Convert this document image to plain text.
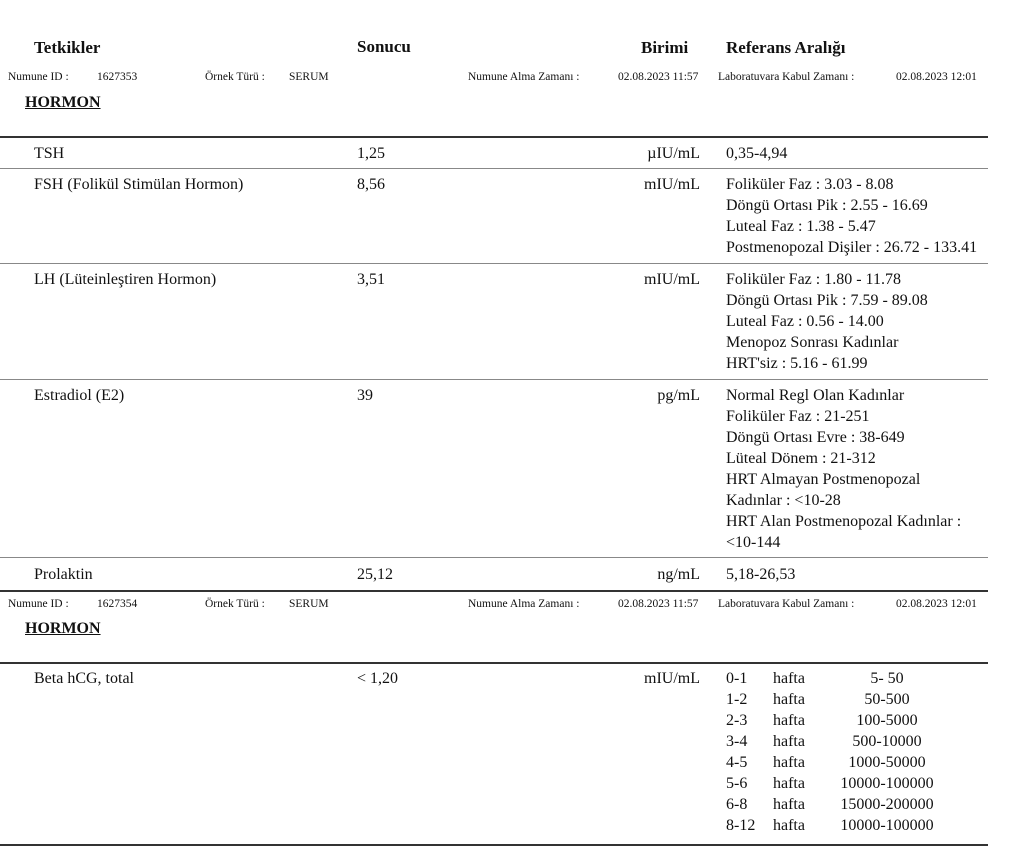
Tetkikler	Sonucu	Birimi Referans Aralığı
Numune ID : 1627353	Örnek Türü : SERUM	Numune Alma Zamanı :	02.08.2023 11:57 Laboratuvara Kabul Zamanı :	02.08.2023 12:01
HORMON
TSH	1,25	µIU/mL 0,35-4,94
FSH (Folikül Stimülan Hormon)	8,56	mIU/mL Foliküler Faz : 3.03 - 8.08
Döngü Ortası Pik : 2.55 - 16.69
Luteal Faz : 1.38 - 5.47
Postmenopozal Dişiler : 26.72 - 133.41
LH (Lüteinleştiren Hormon)	3,51	mIU/mL Foliküler Faz : 1.80 - 11.78
Döngü Ortası Pik : 7.59 - 89.08
Luteal Faz : 0.56 - 14.00
Menopoz Sonrası Kadınlar
HRT'siz : 5.16 - 61.99
Estradiol (E2)	39	pg/mL Normal Regl Olan Kadınlar
Foliküler Faz : 21-251
Döngü Ortası Evre : 38-649
Lüteal Dönem : 21-312
HRT Almayan Postmenopozal
Kadınlar : <10-28
HRT Alan Postmenopozal Kadınlar :
<10-144
Prolaktin	25,12	ng/mL 5,18-26,53
Numune ID : 1627354	Örnek Türü : SERUM	Numune Alma Zamanı :	02.08.2023 11:57 Laboratuvara Kabul Zamanı :	02.08.2023 12:01
HORMON
Beta hCG, total	< 1,20	mIU/mL 0-1	hafta	5- 50
1-2	hafta	50-500
2-3	hafta	100-5000
3-4	hafta	500-10000
4-5	hafta	1000-50000
5-6	hafta	10000-100000
6-8	hafta	15000-200000
8-12	hafta	10000-100000
